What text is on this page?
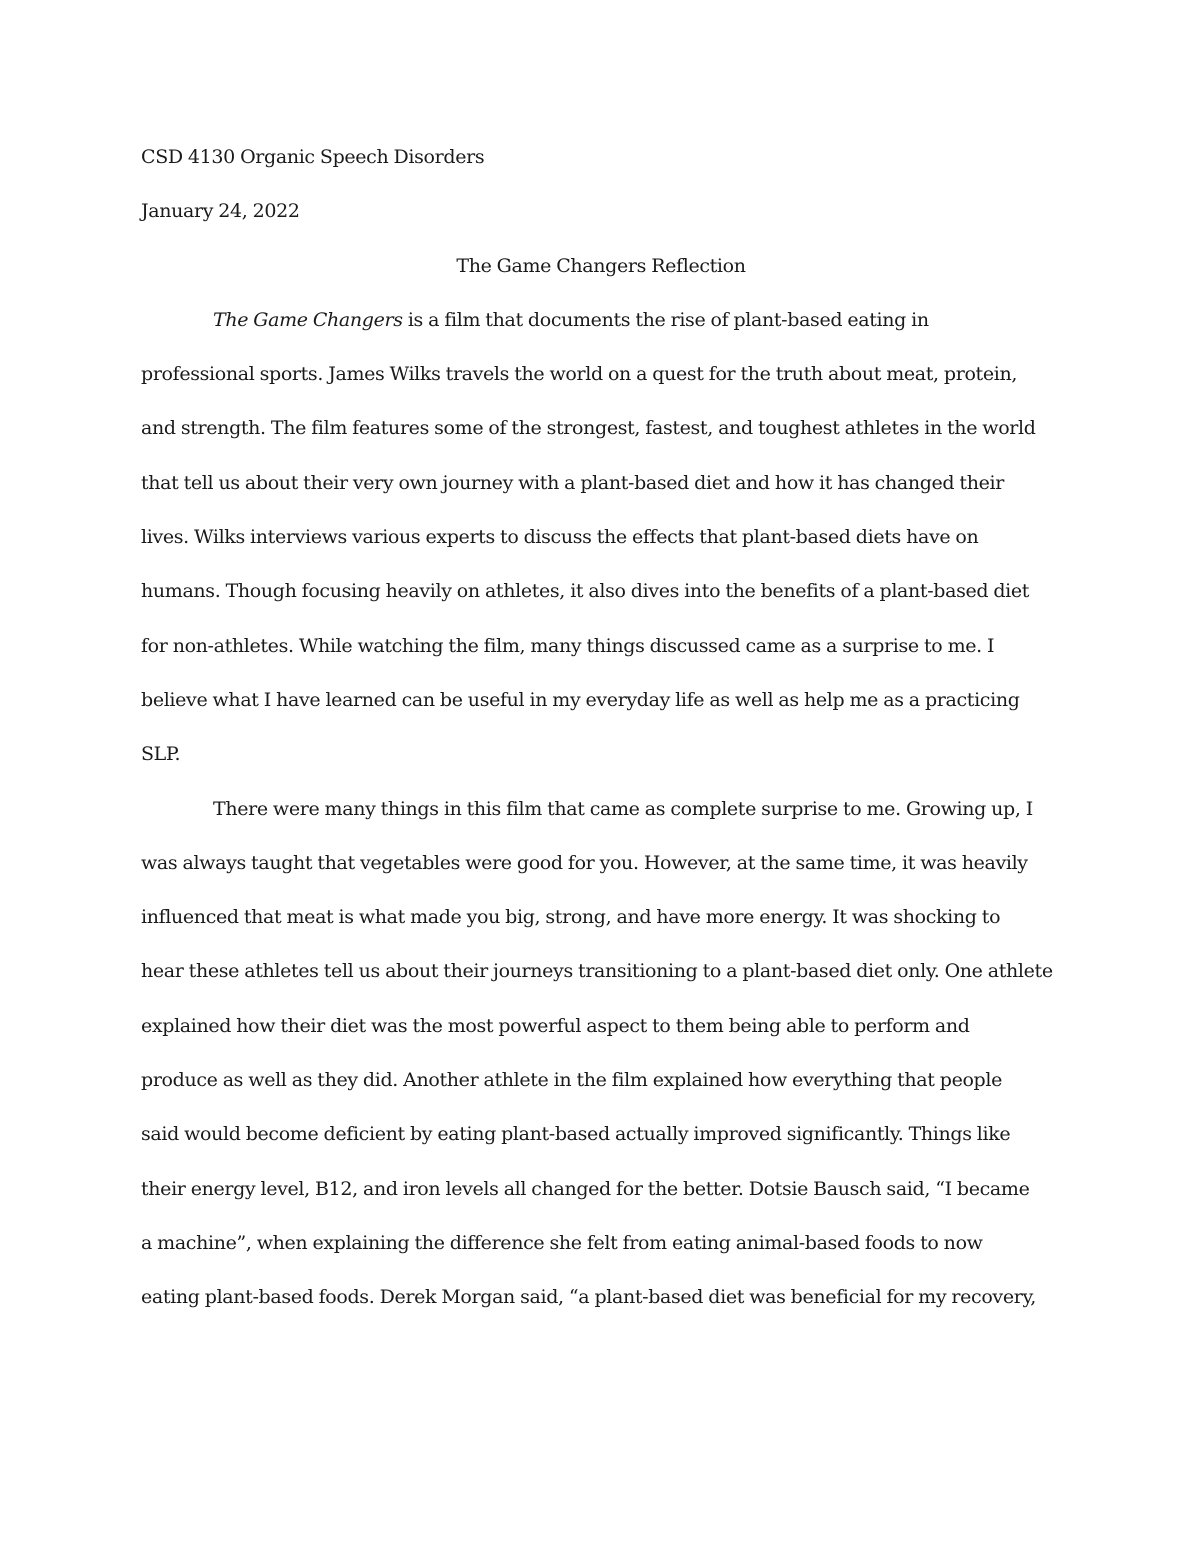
CSD 4130 Organic Speech Disorders
January 24, 2022
The Game Changers Reflection
The Game Changers is a film that documents the rise of plant-based eating in
professional sports. James Wilks travels the world on a quest for the truth about meat, protein,
and strength. The film features some of the strongest, fastest, and toughest athletes in the world
that tell us about their very own journey with a plant-based diet and how it has changed their
lives. Wilks interviews various experts to discuss the effects that plant-based diets have on
humans. Though focusing heavily on athletes, it also dives into the benefits of a plant-based diet
for non-athletes. While watching the film, many things discussed came as a surprise to me. I
believe what I have learned can be useful in my everyday life as well as help me as a practicing
SLP.
There were many things in this film that came as complete surprise to me. Growing up, I
was always taught that vegetables were good for you. However, at the same time, it was heavily
influenced that meat is what made you big, strong, and have more energy. It was shocking to
hear these athletes tell us about their journeys transitioning to a plant-based diet only. One athlete
explained how their diet was the most powerful aspect to them being able to perform and
produce as well as they did. Another athlete in the film explained how everything that people
said would become deficient by eating plant-based actually improved significantly. Things like
their energy level, B12, and iron levels all changed for the better. Dotsie Bausch said, “I became
a machine”, when explaining the difference she felt from eating animal-based foods to now
eating plant-based foods. Derek Morgan said, “a plant-based diet was beneficial for my recovery,
